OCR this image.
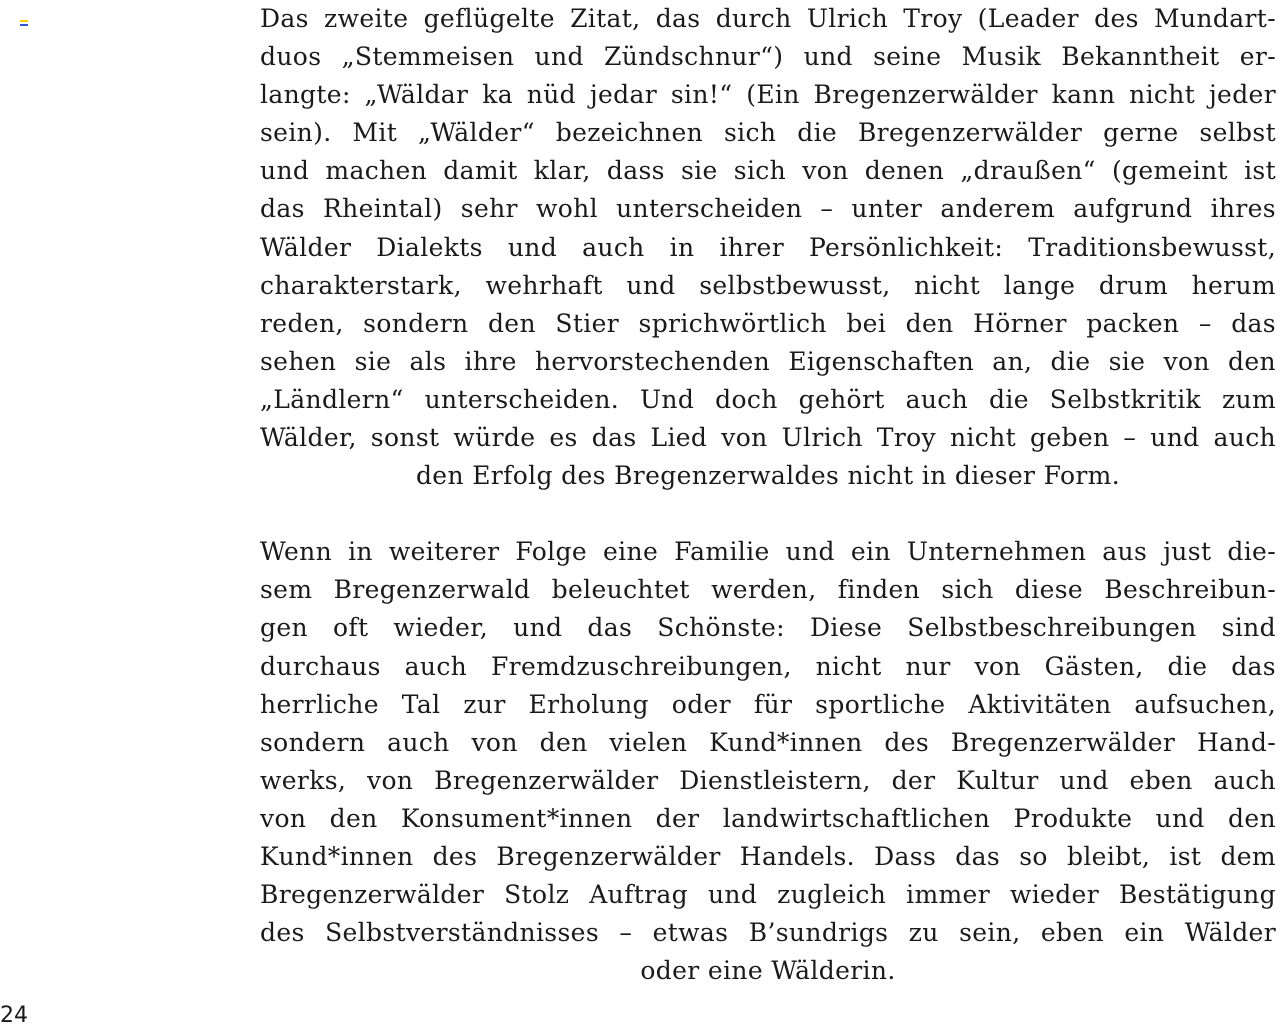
Das zweite geflügelte Zitat, das durch Ulrich Troy (Leader des Mundart-
duos „Stemmeisen und Zündschnur“) und seine Musik Bekanntheit er-
langte: „Wäldar ka nüd jedar sin!“ (Ein Bregenzerwälder kann nicht jeder
sein). Mit „Wälder“ bezeichnen sich die Bregenzerwälder gerne selbst
und machen damit klar, dass sie sich von denen „draußen“ (gemeint ist
das Rheintal) sehr wohl unterscheiden – unter anderem aufgrund ihres
Wälder Dialekts und auch in ihrer Persönlichkeit: Traditionsbewusst,
charakterstark, wehrhaft und selbstbewusst, nicht lange drum herum
reden, sondern den Stier sprichwörtlich bei den Hörner packen – das
sehen sie als ihre hervorstechenden Eigenschaften an, die sie von den
„Ländlern“ unterscheiden. Und doch gehört auch die Selbstkritik zum
Wälder, sonst würde es das Lied von Ulrich Troy nicht geben – und auch
den Erfolg des Bregenzerwaldes nicht in dieser Form.
Wenn in weiterer Folge eine Familie und ein Unternehmen aus just die-
sem Bregenzerwald beleuchtet werden, finden sich diese Beschreibun-
gen oft wieder, und das Schönste: Diese Selbstbeschreibungen sind
durchaus auch Fremdzuschreibungen, nicht nur von Gästen, die das
herrliche Tal zur Erholung oder für sportliche Aktivitäten aufsuchen,
sondern auch von den vielen Kund*innen des Bregenzerwälder Hand-
werks, von Bregenzerwälder Dienstleistern, der Kultur und eben auch
von den Konsument*innen der landwirtschaftlichen Produkte und den
Kund*innen des Bregenzerwälder Handels. Dass das so bleibt, ist dem
Bregenzerwälder Stolz Auftrag und zugleich immer wieder Bestätigung
des Selbstverständnisses – etwas B’sundrigs zu sein, eben ein Wälder
oder eine Wälderin.
24
